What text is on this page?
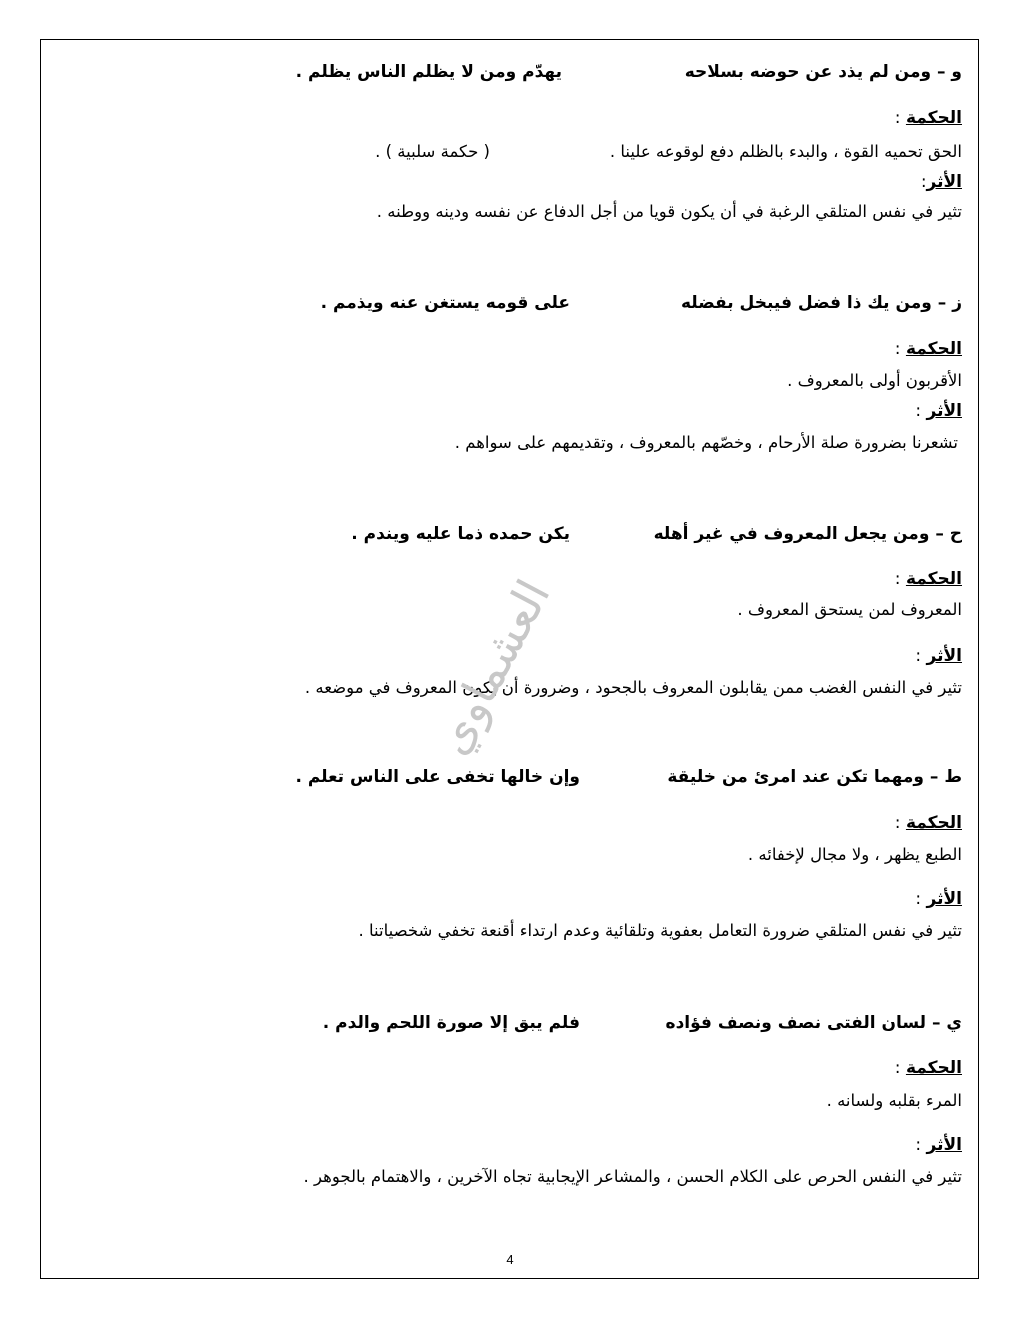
و – ومن لم يذد عن حوضه بسلاحه
يهدّم ومن لا يظلم الناس يظلم .
الحكمة :
الحق تحميه القوة ، والبدء بالظلم دفع لوقوعه علينا .
( حكمة سلبية ) .
الأثر:
تثير في نفس المتلقي الرغبة في أن يكون قويا من أجل الدفاع عن نفسه ودينه ووطنه .
ز – ومن يك ذا فضل فيبخل بفضله
على قومه يستغن عنه ويذمم .
الحكمة :
الأقربون أولى بالمعروف .
الأثر :
تشعرنا بضرورة صلة الأرحام ، وخصّهم بالمعروف ، وتقديمهم على سواهم .
ح – ومن يجعل المعروف في غير أهله
يكن حمده ذما عليه ويندم .
الحكمة :
المعروف لمن يستحق المعروف .
الأثر :
تثير في النفس الغضب ممن يقابلون المعروف بالجحود ، وضرورة أن يكون المعروف في موضعه .
ط – ومهما تكن عند امرئ من خليقة
وإن خالها تخفى على الناس تعلم .
الحكمة :
الطبع يظهر ، ولا مجال لإخفائه .
الأثر :
تثير في نفس المتلقي ضرورة التعامل بعفوية وتلقائية وعدم ارتداء أقنعة تخفي شخصياتنا .
ي – لسان الفتى نصف ونصف فؤاده
فلم يبق إلا صورة اللحم والدم .
الحكمة :
المرء بقلبه ولسانه .
الأثر :
تثير في النفس الحرص على الكلام الحسن ، والمشاعر الإيجابية تجاه الآخرين ، والاهتمام بالجوهر .
العشماوي
4
